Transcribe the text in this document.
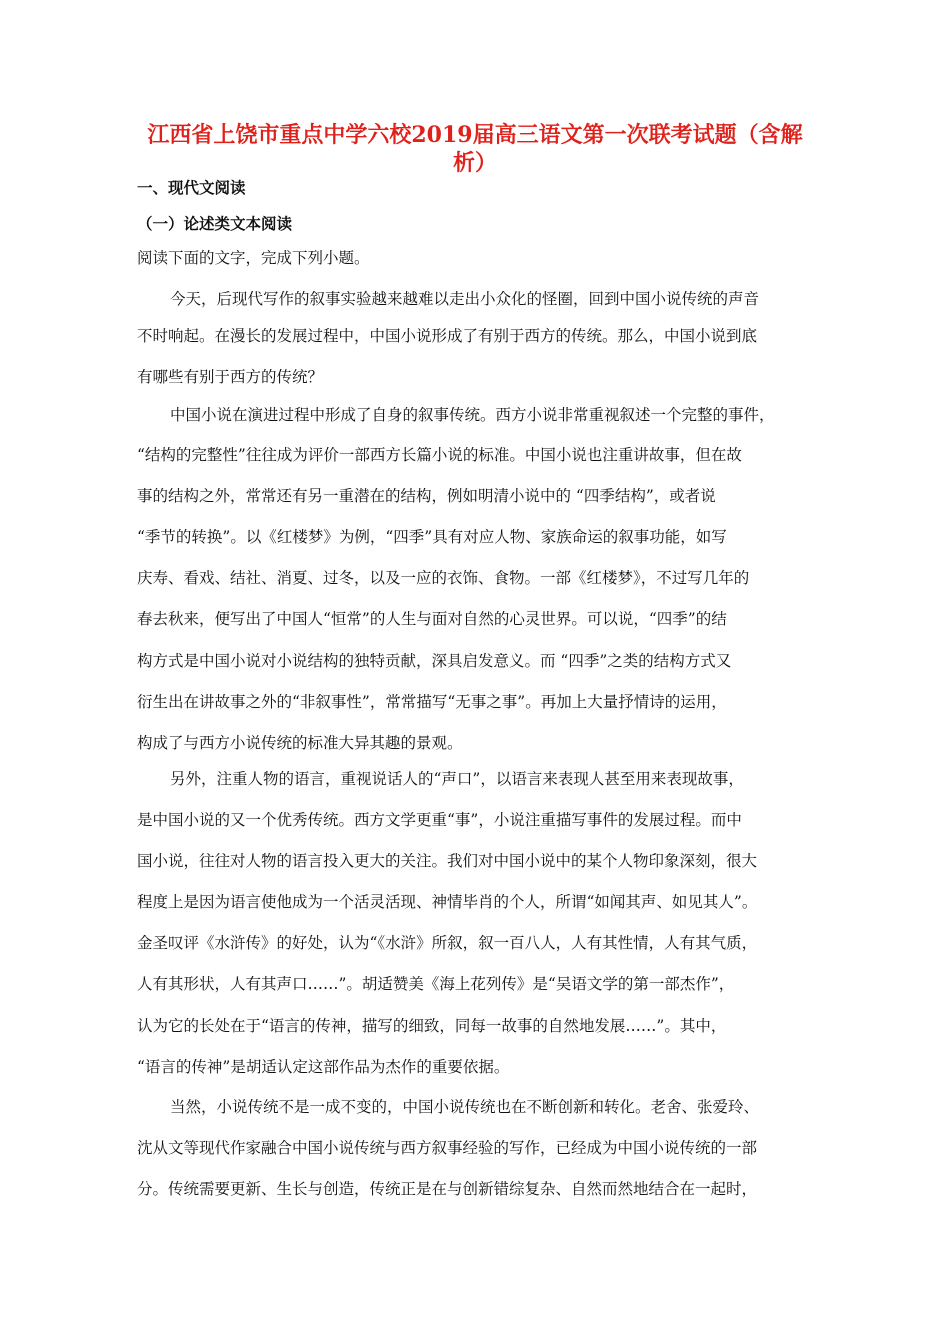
江西省上饶市重点中学六校2019届高三语文第一次联考试题（含解
析）

一、现代文阅读

（一）论述类文本阅读

阅读下面的文字，完成下列小题。

今天，后现代写作的叙事实验越来越难以走出小众化的怪圈，回到中国小说传统的声音

不时响起。在漫长的发展过程中，中国小说形成了有别于西方的传统。那么，中国小说到底

有哪些有别于西方的传统？

中国小说在演进过程中形成了自身的叙事传统。西方小说非常重视叙述一个完整的事件，

“结构的完整性”往往成为评价一部西方长篇小说的标准。中国小说也注重讲故事，但在故

事的结构之外，常常还有另一重潜在的结构，例如明清小说中的 “四季结构”，或者说

“季节的转换”。以《红楼梦》为例，“四季”具有对应人物、家族命运的叙事功能，如写

庆寿、看戏、结社、消夏、过冬，以及一应的衣饰、食物。一部《红楼梦》，不过写几年的

春去秋来，便写出了中国人“恒常”的人生与面对自然的心灵世界。可以说，“四季”的结

构方式是中国小说对小说结构的独特贡献，深具启发意义。而 “四季”之类的结构方式又

衍生出在讲故事之外的“非叙事性”，常常描写“无事之事”。再加上大量抒情诗的运用，

构成了与西方小说传统的标准大异其趣的景观。

另外，注重人物的语言，重视说话人的“声口”，以语言来表现人甚至用来表现故事，

是中国小说的又一个优秀传统。西方文学更重“事”，小说注重描写事件的发展过程。而中

国小说，往往对人物的语言投入更大的关注。我们对中国小说中的某个人物印象深刻，很大

程度上是因为语言使他成为一个活灵活现、神情毕肖的个人，所谓“如闻其声、如见其人”。

金圣叹评《水浒传》的好处，认为“《水浒》所叙，叙一百八人，人有其性情，人有其气质，

人有其形状，人有其声口……”。胡适赞美《海上花列传》是“吴语文学的第一部杰作”，

认为它的长处在于“语言的传神，描写的细致，同每一故事的自然地发展……”。其中，

“语言的传神”是胡适认定这部作品为杰作的重要依据。

当然，小说传统不是一成不变的，中国小说传统也在不断创新和转化。老舍、张爱玲、

沈从文等现代作家融合中国小说传统与西方叙事经验的写作，已经成为中国小说传统的一部

分。传统需要更新、生长与创造，传统正是在与创新错综复杂、自然而然地结合在一起时，
